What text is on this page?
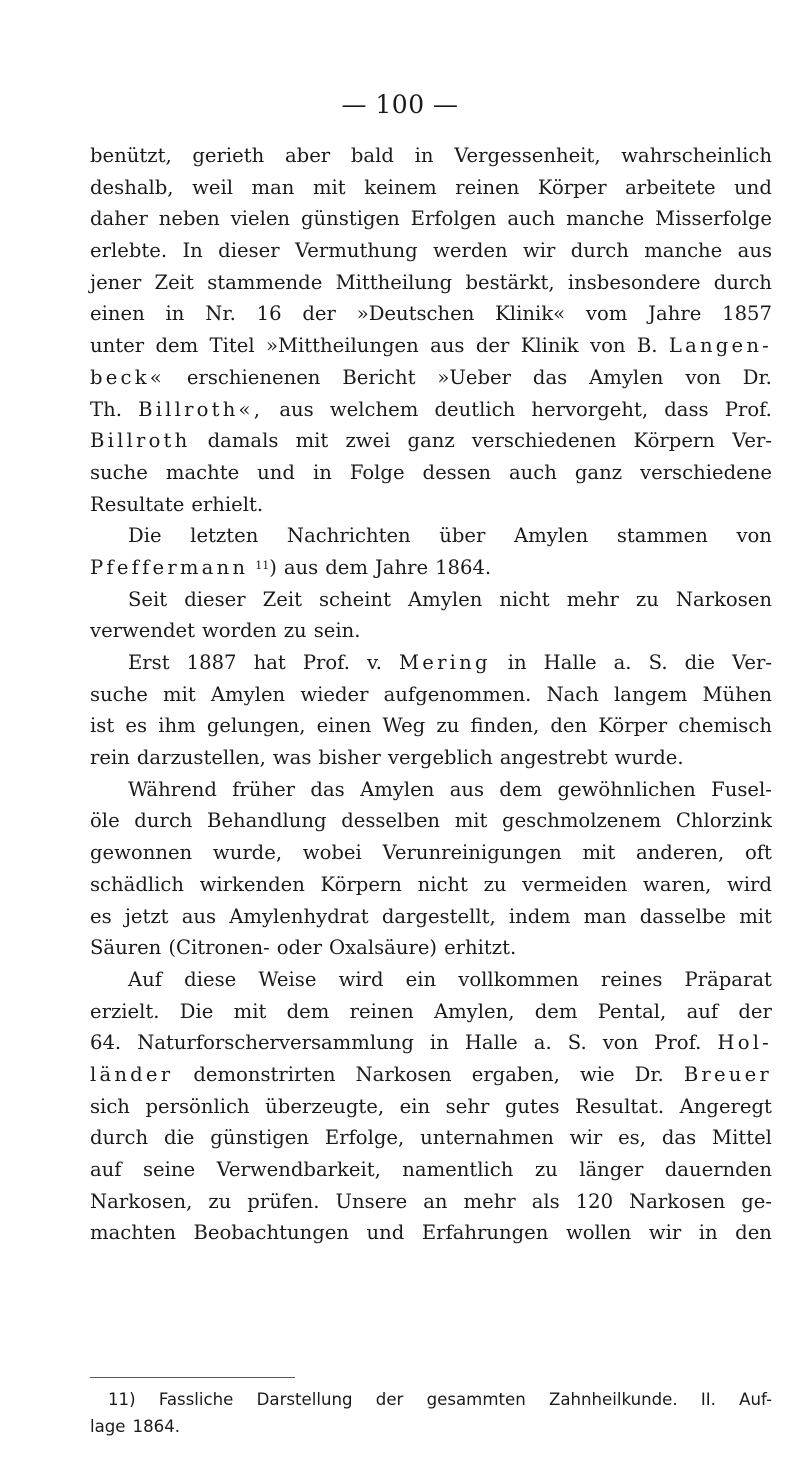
— 100 —
benützt, gerieth aber bald in Vergessenheit, wahrscheinlich
deshalb, weil man mit keinem reinen Körper arbeitete und
daher neben vielen günstigen Erfolgen auch manche Misserfolge
erlebte. In dieser Vermuthung werden wir durch manche aus
jener Zeit stammende Mittheilung bestärkt, insbesondere durch
einen in Nr. 16 der »Deutschen Klinik« vom Jahre 1857
unter dem Titel »Mittheilungen aus der Klinik von B. Langen-
beck« erschienenen Bericht »Ueber das Amylen von Dr.
Th. Billroth«, aus welchem deutlich hervorgeht, dass Prof.
Billroth damals mit zwei ganz verschiedenen Körpern Ver-
suche machte und in Folge dessen auch ganz verschiedene
Resultate erhielt.
Die letzten Nachrichten über Amylen stammen von
Pfeffermann $^{11}$) aus dem Jahre 1864.
Seit dieser Zeit scheint Amylen nicht mehr zu Narkosen
verwendet worden zu sein.
Erst 1887 hat Prof. v. Mering in Halle a. S. die Ver-
suche mit Amylen wieder aufgenommen. Nach langem Mühen
ist es ihm gelungen, einen Weg zu finden, den Körper chemisch
rein darzustellen, was bisher vergeblich angestrebt wurde.
Während früher das Amylen aus dem gewöhnlichen Fusel-
öle durch Behandlung desselben mit geschmolzenem Chlorzink
gewonnen wurde, wobei Verunreinigungen mit anderen, oft
schädlich wirkenden Körpern nicht zu vermeiden waren, wird
es jetzt aus Amylenhydrat dargestellt, indem man dasselbe mit
Säuren (Citronen- oder Oxalsäure) erhitzt.
Auf diese Weise wird ein vollkommen reines Präparat
erzielt. Die mit dem reinen Amylen, dem Pental, auf der
64. Naturforscherversammlung in Halle a. S. von Prof. Hol-
länder demonstrirten Narkosen ergaben, wie Dr. Breuer
sich persönlich überzeugte, ein sehr gutes Resultat. Angeregt
durch die günstigen Erfolge, unternahmen wir es, das Mittel
auf seine Verwendbarkeit, namentlich zu länger dauernden
Narkosen, zu prüfen. Unsere an mehr als 120 Narkosen ge-
machten Beobachtungen und Erfahrungen wollen wir in den
11) Fassliche Darstellung der gesammten Zahnheilkunde. II. Auf-
lage 1864.
